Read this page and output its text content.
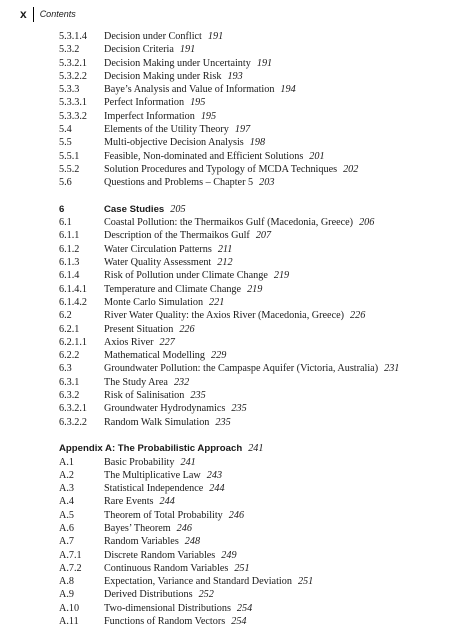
x Contents
5.3.1.4	Decision under Conflict 191
5.3.2	Decision Criteria 191
5.3.2.1	Decision Making under Uncertainty 191
5.3.2.2	Decision Making under Risk 193
5.3.3	Baye’s Analysis and Value of Information 194
5.3.3.1	Perfect Information 195
5.3.3.2	Imperfect Information 195
5.4	Elements of the Utility Theory 197
5.5	Multi-objective Decision Analysis 198
5.5.1	Feasible, Non-dominated and Efficient Solutions 201
5.5.2	Solution Procedures and Typology of MCDA Techniques 202
5.6	Questions and Problems – Chapter 5 203
6	Case Studies 205
6.1	Coastal Pollution: the Thermaikos Gulf (Macedonia, Greece) 206
6.1.1	Description of the Thermaikos Gulf 207
6.1.2	Water Circulation Patterns 211
6.1.3	Water Quality Assessment 212
6.1.4	Risk of Pollution under Climate Change 219
6.1.4.1	Temperature and Climate Change 219
6.1.4.2	Monte Carlo Simulation 221
6.2	River Water Quality: the Axios River (Macedonia, Greece) 226
6.2.1	Present Situation 226
6.2.1.1	Axios River 227
6.2.2	Mathematical Modelling 229
6.3	Groundwater Pollution: the Campaspe Aquifer (Victoria, Australia) 231
6.3.1	The Study Area 232
6.3.2	Risk of Salinisation 235
6.3.2.1	Groundwater Hydrodynamics 235
6.3.2.2	Random Walk Simulation 235
Appendix A: The Probabilistic Approach 241
A.1	Basic Probability 241
A.2	The Multiplicative Law 243
A.3	Statistical Independence 244
A.4	Rare Events 244
A.5	Theorem of Total Probability 246
A.6	Bayes’ Theorem 246
A.7	Random Variables 248
A.7.1	Discrete Random Variables 249
A.7.2	Continuous Random Variables 251
A.8	Expectation, Variance and Standard Deviation 251
A.9	Derived Distributions 252
A.10	Two-dimensional Distributions 254
A.11	Functions of Random Vectors 254
